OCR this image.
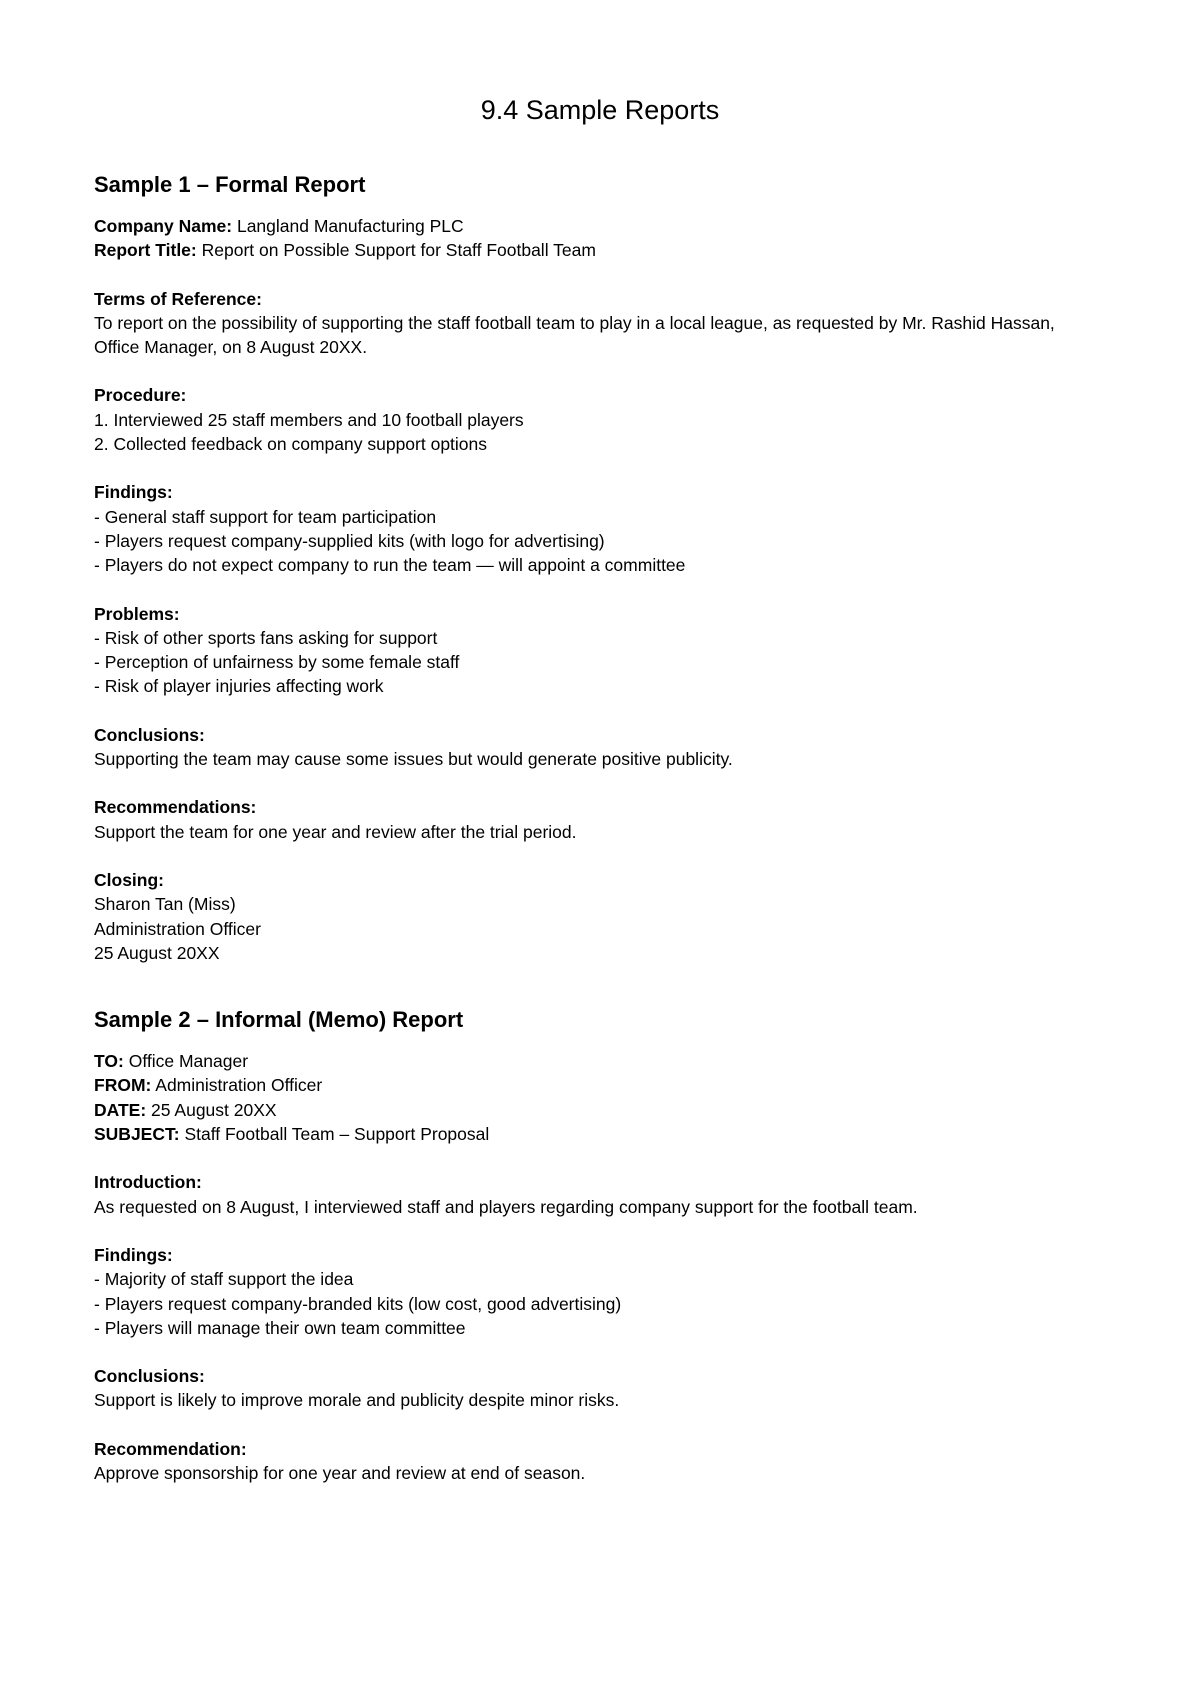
9.4 Sample Reports
Sample 1 – Formal Report

Company Name: Langland Manufacturing PLC

Report Title: Report on Possible Support for Staff Football Team

Terms of Reference:

To report on the possibility of supporting the staff football team to play in a local league, as requested by Mr. Rashid Hassan, Office Manager, on 8 August 20XX.

Procedure:

1. Interviewed 25 staff members and 10 football players
2. Collected feedback on company support options

Findings:

- General staff support for team participation
- Players request company-supplied kits (with logo for advertising)
- Players do not expect company to run the team — will appoint a committee

Problems:

- Risk of other sports fans asking for support
- Perception of unfairness by some female staff
- Risk of player injuries affecting work

Conclusions:

Supporting the team may cause some issues but would generate positive publicity.

Recommendations:

Support the team for one year and review after the trial period.

Closing:

Sharon Tan (Miss)

Administration Officer

25 August 20XX

Sample 2 – Informal (Memo) Report

TO: Office Manager

FROM: Administration Officer

DATE: 25 August 20XX

SUBJECT: Staff Football Team – Support Proposal

Introduction:

As requested on 8 August, I interviewed staff and players regarding company support for the football team.

Findings:

- Majority of staff support the idea
- Players request company-branded kits (low cost, good advertising)
- Players will manage their own team committee

Conclusions:

Support is likely to improve morale and publicity despite minor risks.

Recommendation:

Approve sponsorship for one year and review at end of season.
